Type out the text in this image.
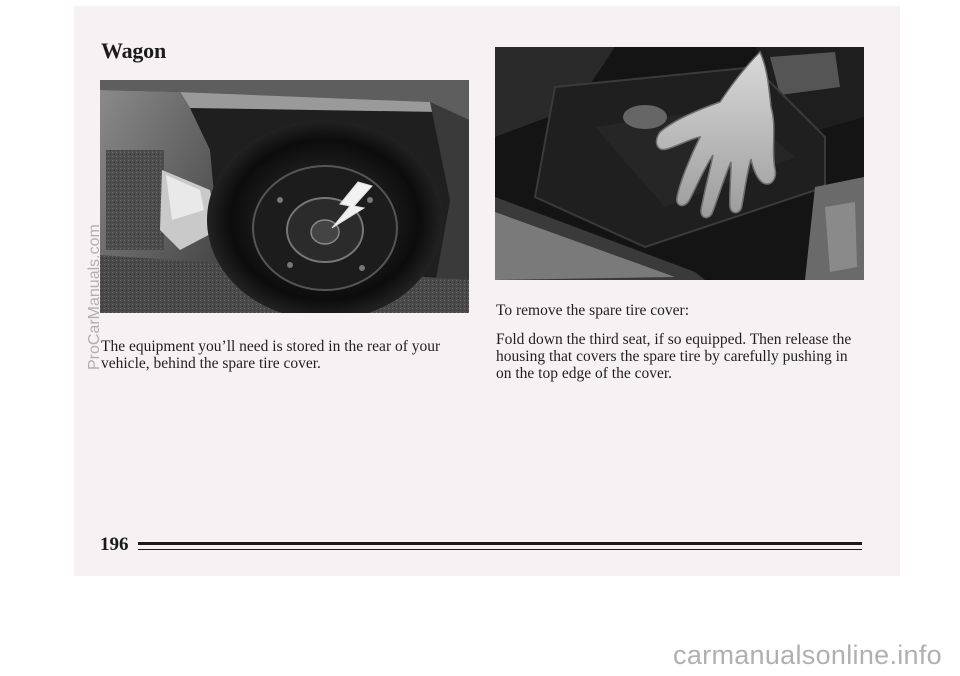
Wagon

The equipment you’ll need is stored in the rear of your vehicle, behind the spare tire cover.

To remove the spare tire cover:

Fold down the third seat, if so equipped. Then release the housing that covers the spare tire by carefully pushing in on the top edge of the cover.

196

ProCarManuals.com

carmanualsonline.info
